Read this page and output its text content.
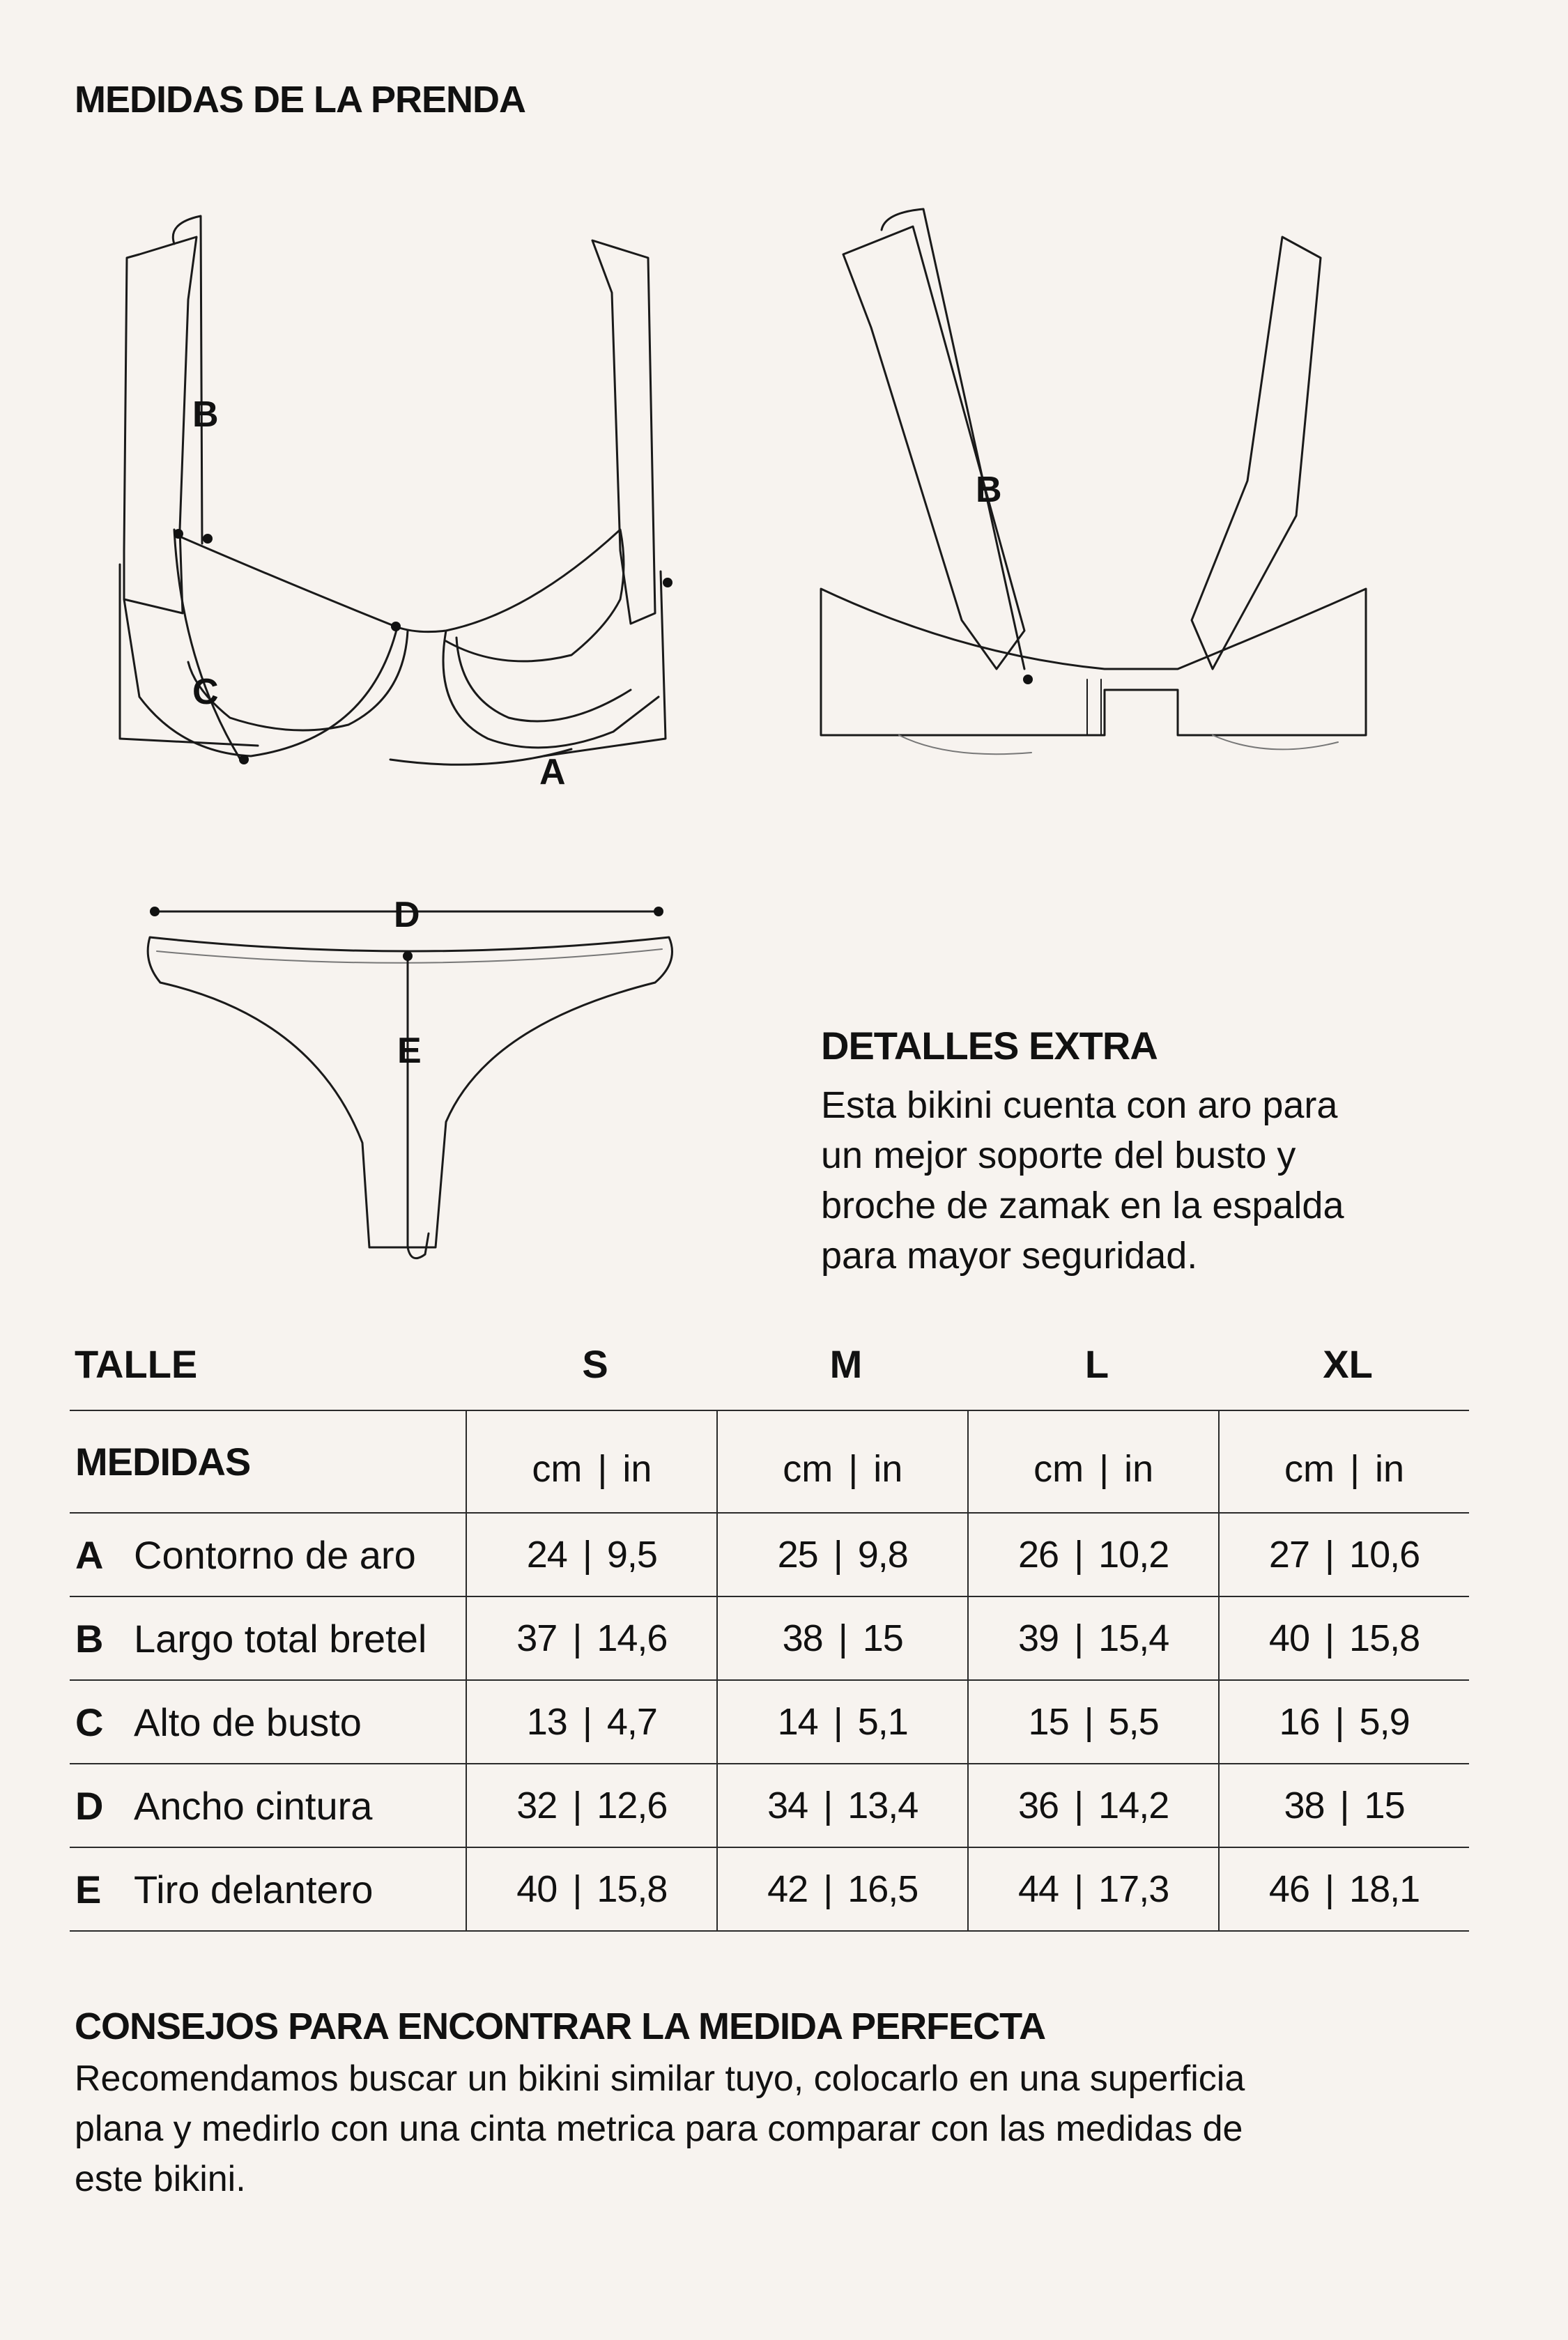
MEDIDAS DE LA PRENDA
B
C
A
B
D
E	DETALLES EXTRA
Esta bikini cuenta con aro para
un mejor soporte del busto y
broche de zamak en la espalda
para mayor seguridad.
TALLE	S	M	L	XL
MEDIDAS	cm | in	cm | in	cm | in	cm | in
A Contorno de aro	24 | 9,5	25 | 9,8	26 | 10,2	27 | 10,6
B Largo total bretel	37 | 14,6	38 | 15	39 | 15,4	40 | 15,8
C Alto de busto	13 | 4,7	14 | 5,1	15 | 5,5	16 | 5,9
D Ancho cintura	32 | 12,6	34 | 13,4	36 | 14,2	38 | 15
E Tiro delantero	40 | 15,8	42 | 16,5	44 | 17,3	46 | 18,1
CONSEJOS PARA ENCONTRAR LA MEDIDA PERFECTA
Recomendamos buscar un bikini similar tuyo, colocarlo en una superficia
plana y medirlo con una cinta metrica para comparar con las medidas de
este bikini.
